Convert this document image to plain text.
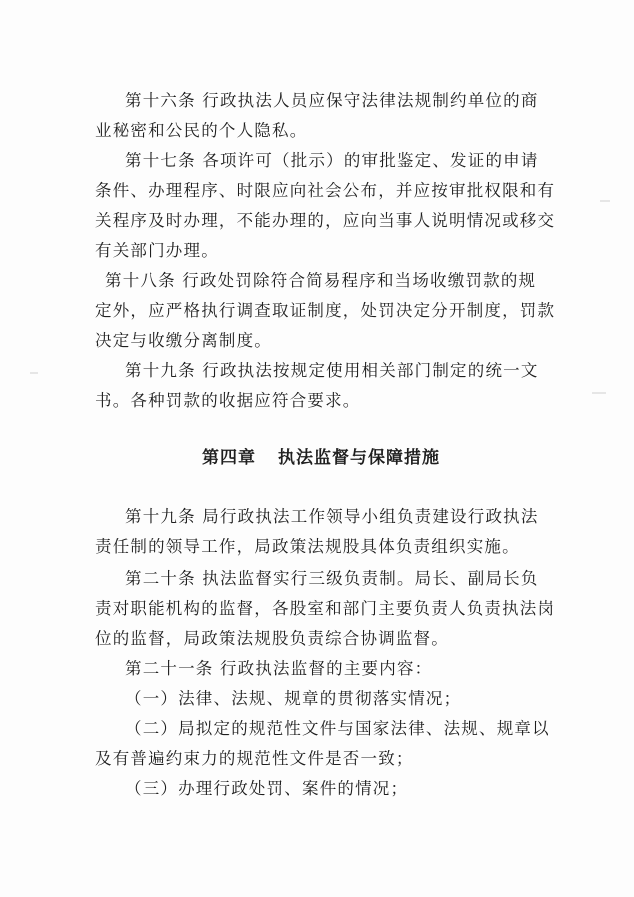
第十六条 行政执法人员应保守法律法规制约单位的商
业秘密和公民的个人隐私。
第十七条 各项许可（批示）的审批鉴定、发证的申请
条件、办理程序、时限应向社会公布，并应按审批权限和有
关程序及时办理，不能办理的，应向当事人说明情况或移交
有关部门办理。
第十八条 行政处罚除符合简易程序和当场收缴罚款的规
定外，应严格执行调查取证制度，处罚决定分开制度，罚款
决定与收缴分离制度。
第十九条 行政执法按规定使用相关部门制定的统一文
书。各种罚款的收据应符合要求。
第四章 执法监督与保障措施
第十九条 局行政执法工作领导小组负责建设行政执法
责任制的领导工作，局政策法规股具体负责组织实施。
第二十条 执法监督实行三级负责制。局长、副局长负
责对职能机构的监督，各股室和部门主要负责人负责执法岗
位的监督，局政策法规股负责综合协调监督。
第二十一条 行政执法监督的主要内容：
（一）法律、法规、规章的贯彻落实情况；
（二）局拟定的规范性文件与国家法律、法规、规章以
及有普遍约束力的规范性文件是否一致；
（三）办理行政处罚、案件的情况；
